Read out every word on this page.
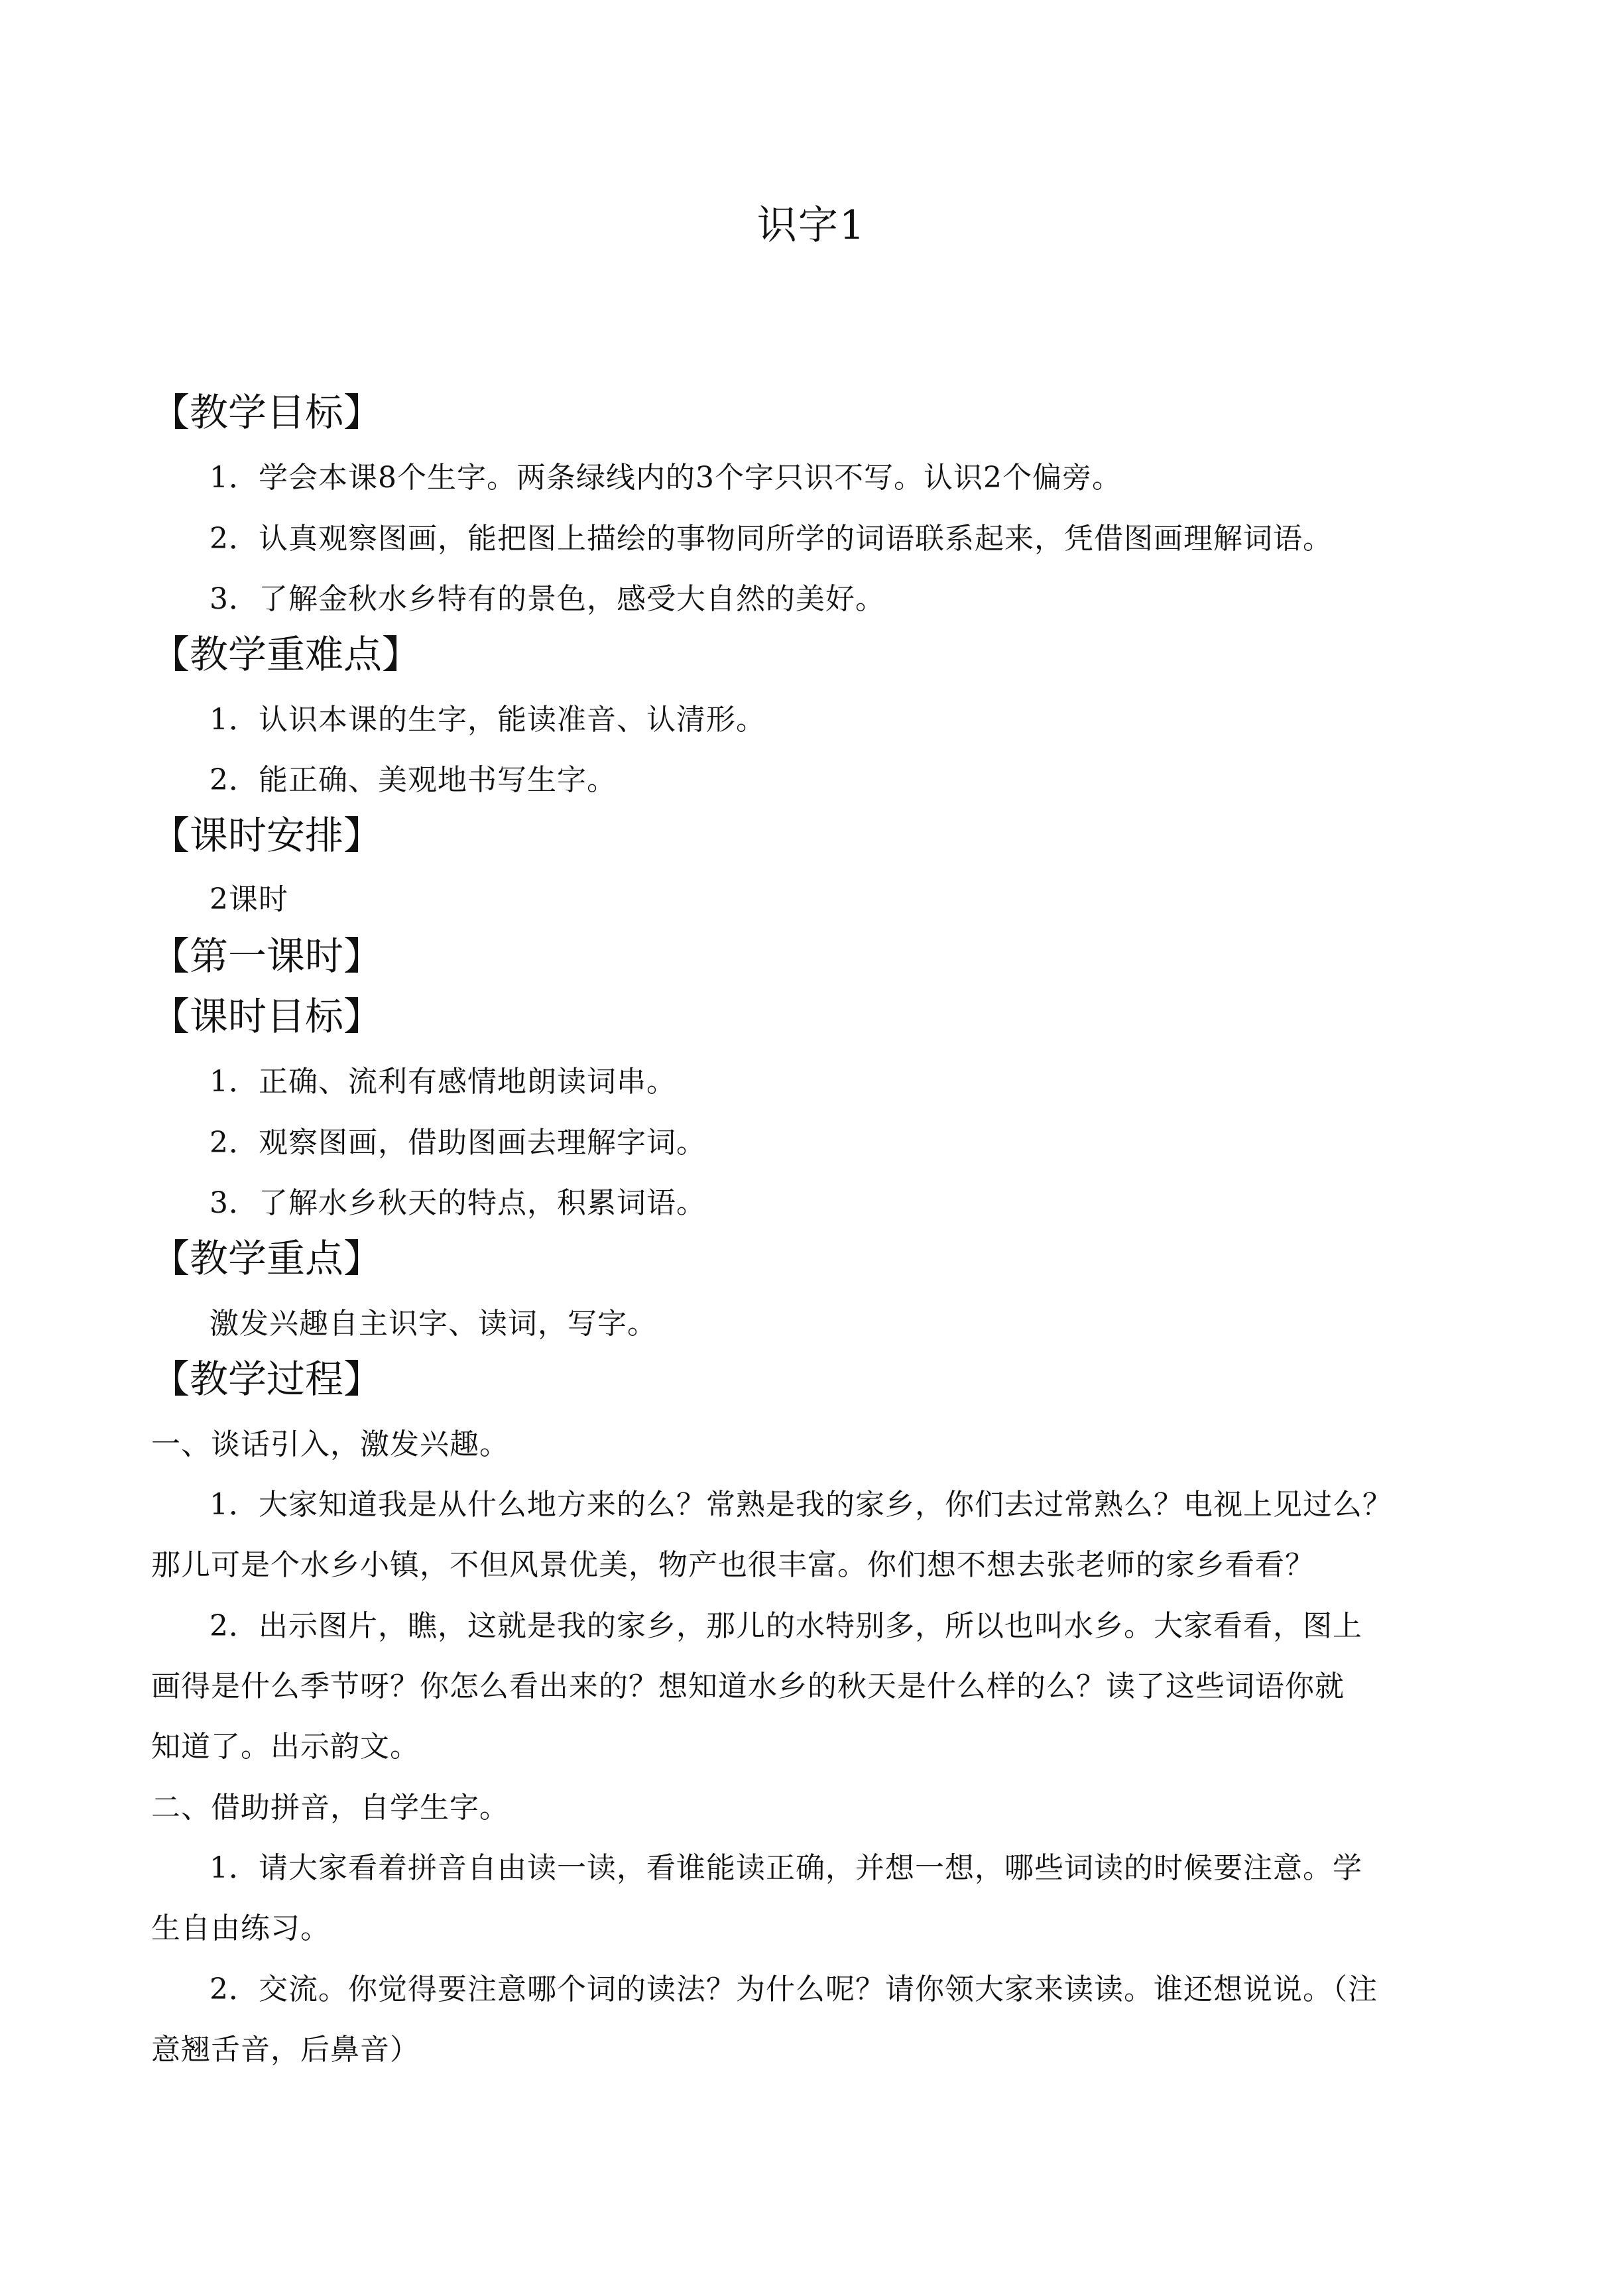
识字1
【教学目标】
1．学会本课8个生字。两条绿线内的3个字只识不写。认识2个偏旁。
2．认真观察图画，能把图上描绘的事物同所学的词语联系起来，凭借图画理解词语。
3．了解金秋水乡特有的景色，感受大自然的美好。
【教学重难点】
1．认识本课的生字，能读准音、认清形。
2．能正确、美观地书写生字。
【课时安排】
2课时
【第一课时】
【课时目标】
1．正确、流利有感情地朗读词串。
2．观察图画，借助图画去理解字词。
3．了解水乡秋天的特点，积累词语。
【教学重点】
激发兴趣自主识字、读词，写字。
【教学过程】
一、谈话引入，激发兴趣。
1．大家知道我是从什么地方来的么？常熟是我的家乡，你们去过常熟么？电视上见过么？
那儿可是个水乡小镇，不但风景优美，物产也很丰富。你们想不想去张老师的家乡看看？
2．出示图片，瞧，这就是我的家乡，那儿的水特别多，所以也叫水乡。大家看看，图上
画得是什么季节呀？你怎么看出来的？想知道水乡的秋天是什么样的么？读了这些词语你就
知道了。出示韵文。
二、借助拼音，自学生字。
1．请大家看着拼音自由读一读，看谁能读正确，并想一想，哪些词读的时候要注意。学
生自由练习。
2．交流。你觉得要注意哪个词的读法？为什么呢？请你领大家来读读。谁还想说说。（注
意翘舌音，后鼻音）
